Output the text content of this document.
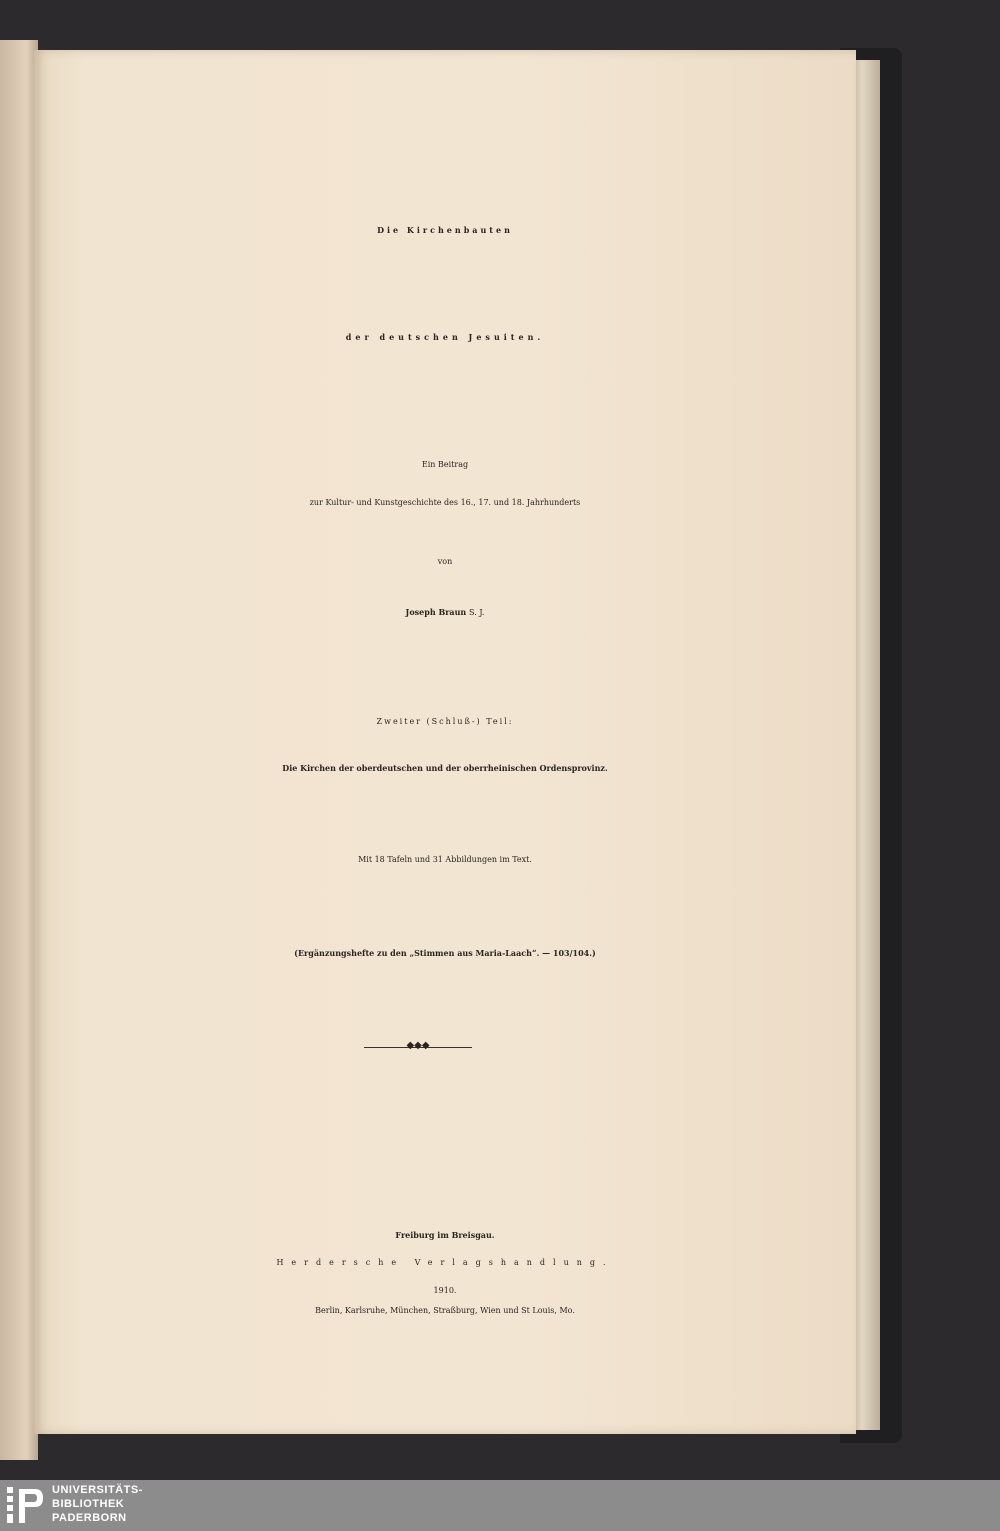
Die Kirchenbauten
der deutschen Jesuiten.
Ein Beitrag
zur Kultur- und Kunstgeschichte des 16., 17. und 18. Jahrhunderts
von
Joseph Braun S. J.
Zweiter (Schluß-) Teil:
Die Kirchen der oberdeutschen und der oberrheinischen Ordensprovinz.
Mit 18 Tafeln und 31 Abbildungen im Text.
(Ergänzungshefte zu den „Stimmen aus Maria-Laach“. — 103/104.)
◆◆◆
Freiburg im Breisgau.
Herdersche Verlagshandlung.
1910.
Berlin, Karlsruhe, München, Straßburg, Wien und St Louis, Mo.
UNIVERSITÄTS-
BIBLIOTHEK
PADERBORN
